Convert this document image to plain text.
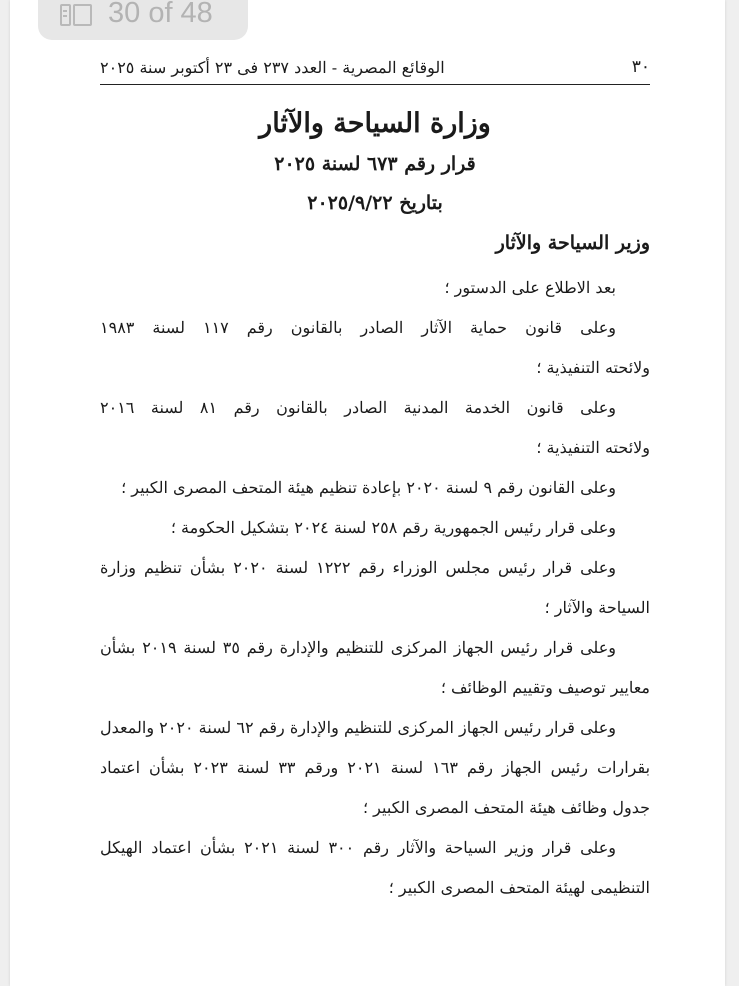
٣٠
الوقائع المصرية - العدد ٢٣٧ فى ٢٣ أكتوبر سنة ٢٠٢٥
وزارة السياحة والآثار
قرار رقم ٦٧٣ لسنة ٢٠٢٥
بتاريخ ٢٠٢٥/٩/٢٢
وزير السياحة والآثار
بعد الاطلاع على الدستور ؛
وعلى قانون حماية الآثار الصادر بالقانون رقم ١١٧ لسنة ١٩٨٣
ولائحته التنفيذية ؛
وعلى قانون الخدمة المدنية الصادر بالقانون رقم ٨١ لسنة ٢٠١٦
ولائحته التنفيذية ؛
وعلى القانون رقم ٩ لسنة ٢٠٢٠ بإعادة تنظيم هيئة المتحف المصرى الكبير ؛
وعلى قرار رئيس الجمهورية رقم ٢٥٨ لسنة ٢٠٢٤ بتشكيل الحكومة ؛
وعلى قرار رئيس مجلس الوزراء رقم ١٢٢٢ لسنة ٢٠٢٠ بشأن تنظيم وزارة
السياحة والآثار ؛
وعلى قرار رئيس الجهاز المركزى للتنظيم والإدارة رقم ٣٥ لسنة ٢٠١٩ بشأن
معايير توصيف وتقييم الوظائف ؛
وعلى قرار رئيس الجهاز المركزى للتنظيم والإدارة رقم ٦٢ لسنة ٢٠٢٠ والمعدل
بقرارات رئيس الجهاز رقم ١٦٣ لسنة ٢٠٢١ ورقم ٣٣ لسنة ٢٠٢٣ بشأن اعتماد
جدول وظائف هيئة المتحف المصرى الكبير ؛
وعلى قرار وزير السياحة والآثار رقم ٣٠٠ لسنة ٢٠٢١ بشأن اعتماد الهيكل
التنظيمى لهيئة المتحف المصرى الكبير ؛
30 of 48
